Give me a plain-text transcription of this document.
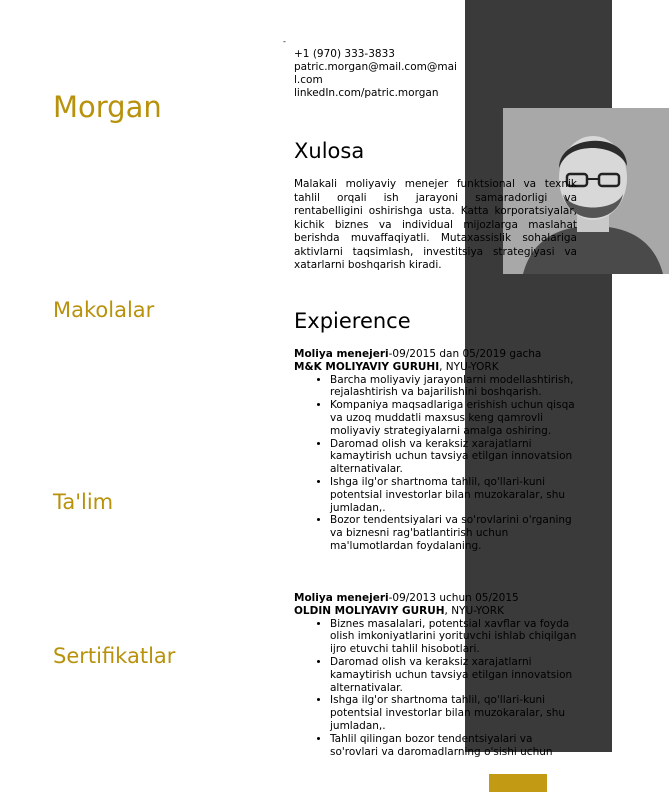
Morgan
Makolalar
Ta'lim
Sertifikatlar
-
+1 (970) 333-3833
patric.morgan@mail.com@mail.com
linkedIn.com/patric.morgan
Xulosa
Malakali moliyaviy menejer funktsional va texnik tahlil orqali ish jarayoni samaradorligi va rentabelligini oshirishga usta. Katta korporatsiyalar, kichik biznes va individual mijozlarga maslahat berishda muvaffaqiyatli. Mutaxassislik sohalariga aktivlarni taqsimlash, investitsiya strategiyasi va xatarlarni boshqarish kiradi.
Expierence
Moliya menejeri-09/2015 dan 05/2019 gacha
M&K MOLIYAVIY GURUHI, NYU-YORK
• Barcha moliyaviy jarayonlarni modellashtirish, rejalashtirish va bajarilishini boshqarish.
• Kompaniya maqsadlariga erishish uchun qisqa va uzoq muddatli maxsus keng qamrovli moliyaviy strategiyalarni amalga oshiring.
• Daromad olish va keraksiz xarajatlarni kamaytirish uchun tavsiya etilgan innovatsion alternativalar.
• Ishga ilg'or shartnoma tahlil, qo'llari-kuni potentsial investorlar bilan muzokaralar, shu jumladan,.
• Bozor tendentsiyalari va so'rovlarini o'rganing va biznesni rag'batlantirish uchun ma'lumotlardan foydalaning.
Moliya menejeri-09/2013 uchun 05/2015
OLDIN MOLIYAVIY GURUH, NYU-YORK
• Biznes masalalari, potentsial xavflar va foyda olish imkoniyatlarini yorituvchi ishlab chiqilgan ijro etuvchi tahlil hisobotlari.
• Daromad olish va keraksiz xarajatlarni kamaytirish uchun tavsiya etilgan innovatsion alternativalar.
• Ishga ilg'or shartnoma tahlil, qo'llari-kuni potentsial investorlar bilan muzokaralar, shu jumladan,.
• Tahlil qilingan bozor tendentsiyalari va so'rovlari va daromadlarning o'sishi uchun
